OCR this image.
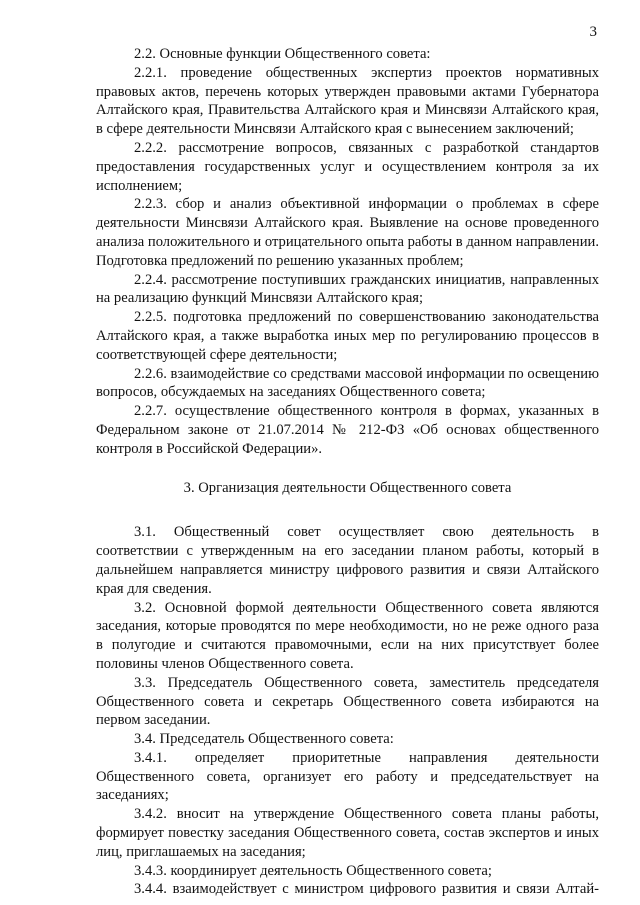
3

2.2. Основные функции Общественного совета:

2.2.1. проведение общественных экспертиз проектов нормативных правовых актов, перечень которых утвержден правовыми актами Губернатора Алтайского края, Правительства Алтайского края и Минсвязи Алтайского края, в сфере деятельности Минсвязи Алтайского края с вынесением заключений;

2.2.2. рассмотрение вопросов, связанных с разработкой стандартов предоставления государственных услуг и осуществлением контроля за их исполнением;

2.2.3. сбор и анализ объективной информации о проблемах в сфере деятельности Минсвязи Алтайского края. Выявление на основе проведенного анализа положительного и отрицательного опыта работы в данном направлении. Подготовка предложений по решению указанных проблем;

2.2.4. рассмотрение поступивших гражданских инициатив, направленных на реализацию функций Минсвязи Алтайского края;

2.2.5. подготовка предложений по совершенствованию законодательства Алтайского края, а также выработка иных мер по регулированию процессов в соответствующей сфере деятельности;

2.2.6. взаимодействие со средствами массовой информации по освещению вопросов, обсуждаемых на заседаниях Общественного совета;

2.2.7. осуществление общественного контроля в формах, указанных в Федеральном законе от 21.07.2014 № 212-ФЗ «Об основах общественного контроля в Российской Федерации».

3. Организация деятельности Общественного совета

3.1. Общественный совет осуществляет свою деятельность в соответствии с утвержденным на его заседании планом работы, который в дальнейшем направляется министру цифрового развития и связи Алтайского края для сведения.

3.2. Основной формой деятельности Общественного совета являются заседания, которые проводятся по мере необходимости, но не реже одного раза в полугодие и считаются правомочными, если на них присутствует более половины членов Общественного совета.

3.3. Председатель Общественного совета, заместитель председателя Общественного совета и секретарь Общественного совета избираются на первом заседании.

3.4. Председатель Общественного совета:

3.4.1. определяет приоритетные направления деятельности Общественного совета, организует его работу и председательствует на заседаниях;

3.4.2. вносит на утверждение Общественного совета планы работы, формирует повестку заседания Общественного совета, состав экспертов и иных лиц, приглашаемых на заседания;

3.4.3. координирует деятельность Общественного совета;

3.4.4. взаимодействует с министром цифрового развития и связи Алтай-
